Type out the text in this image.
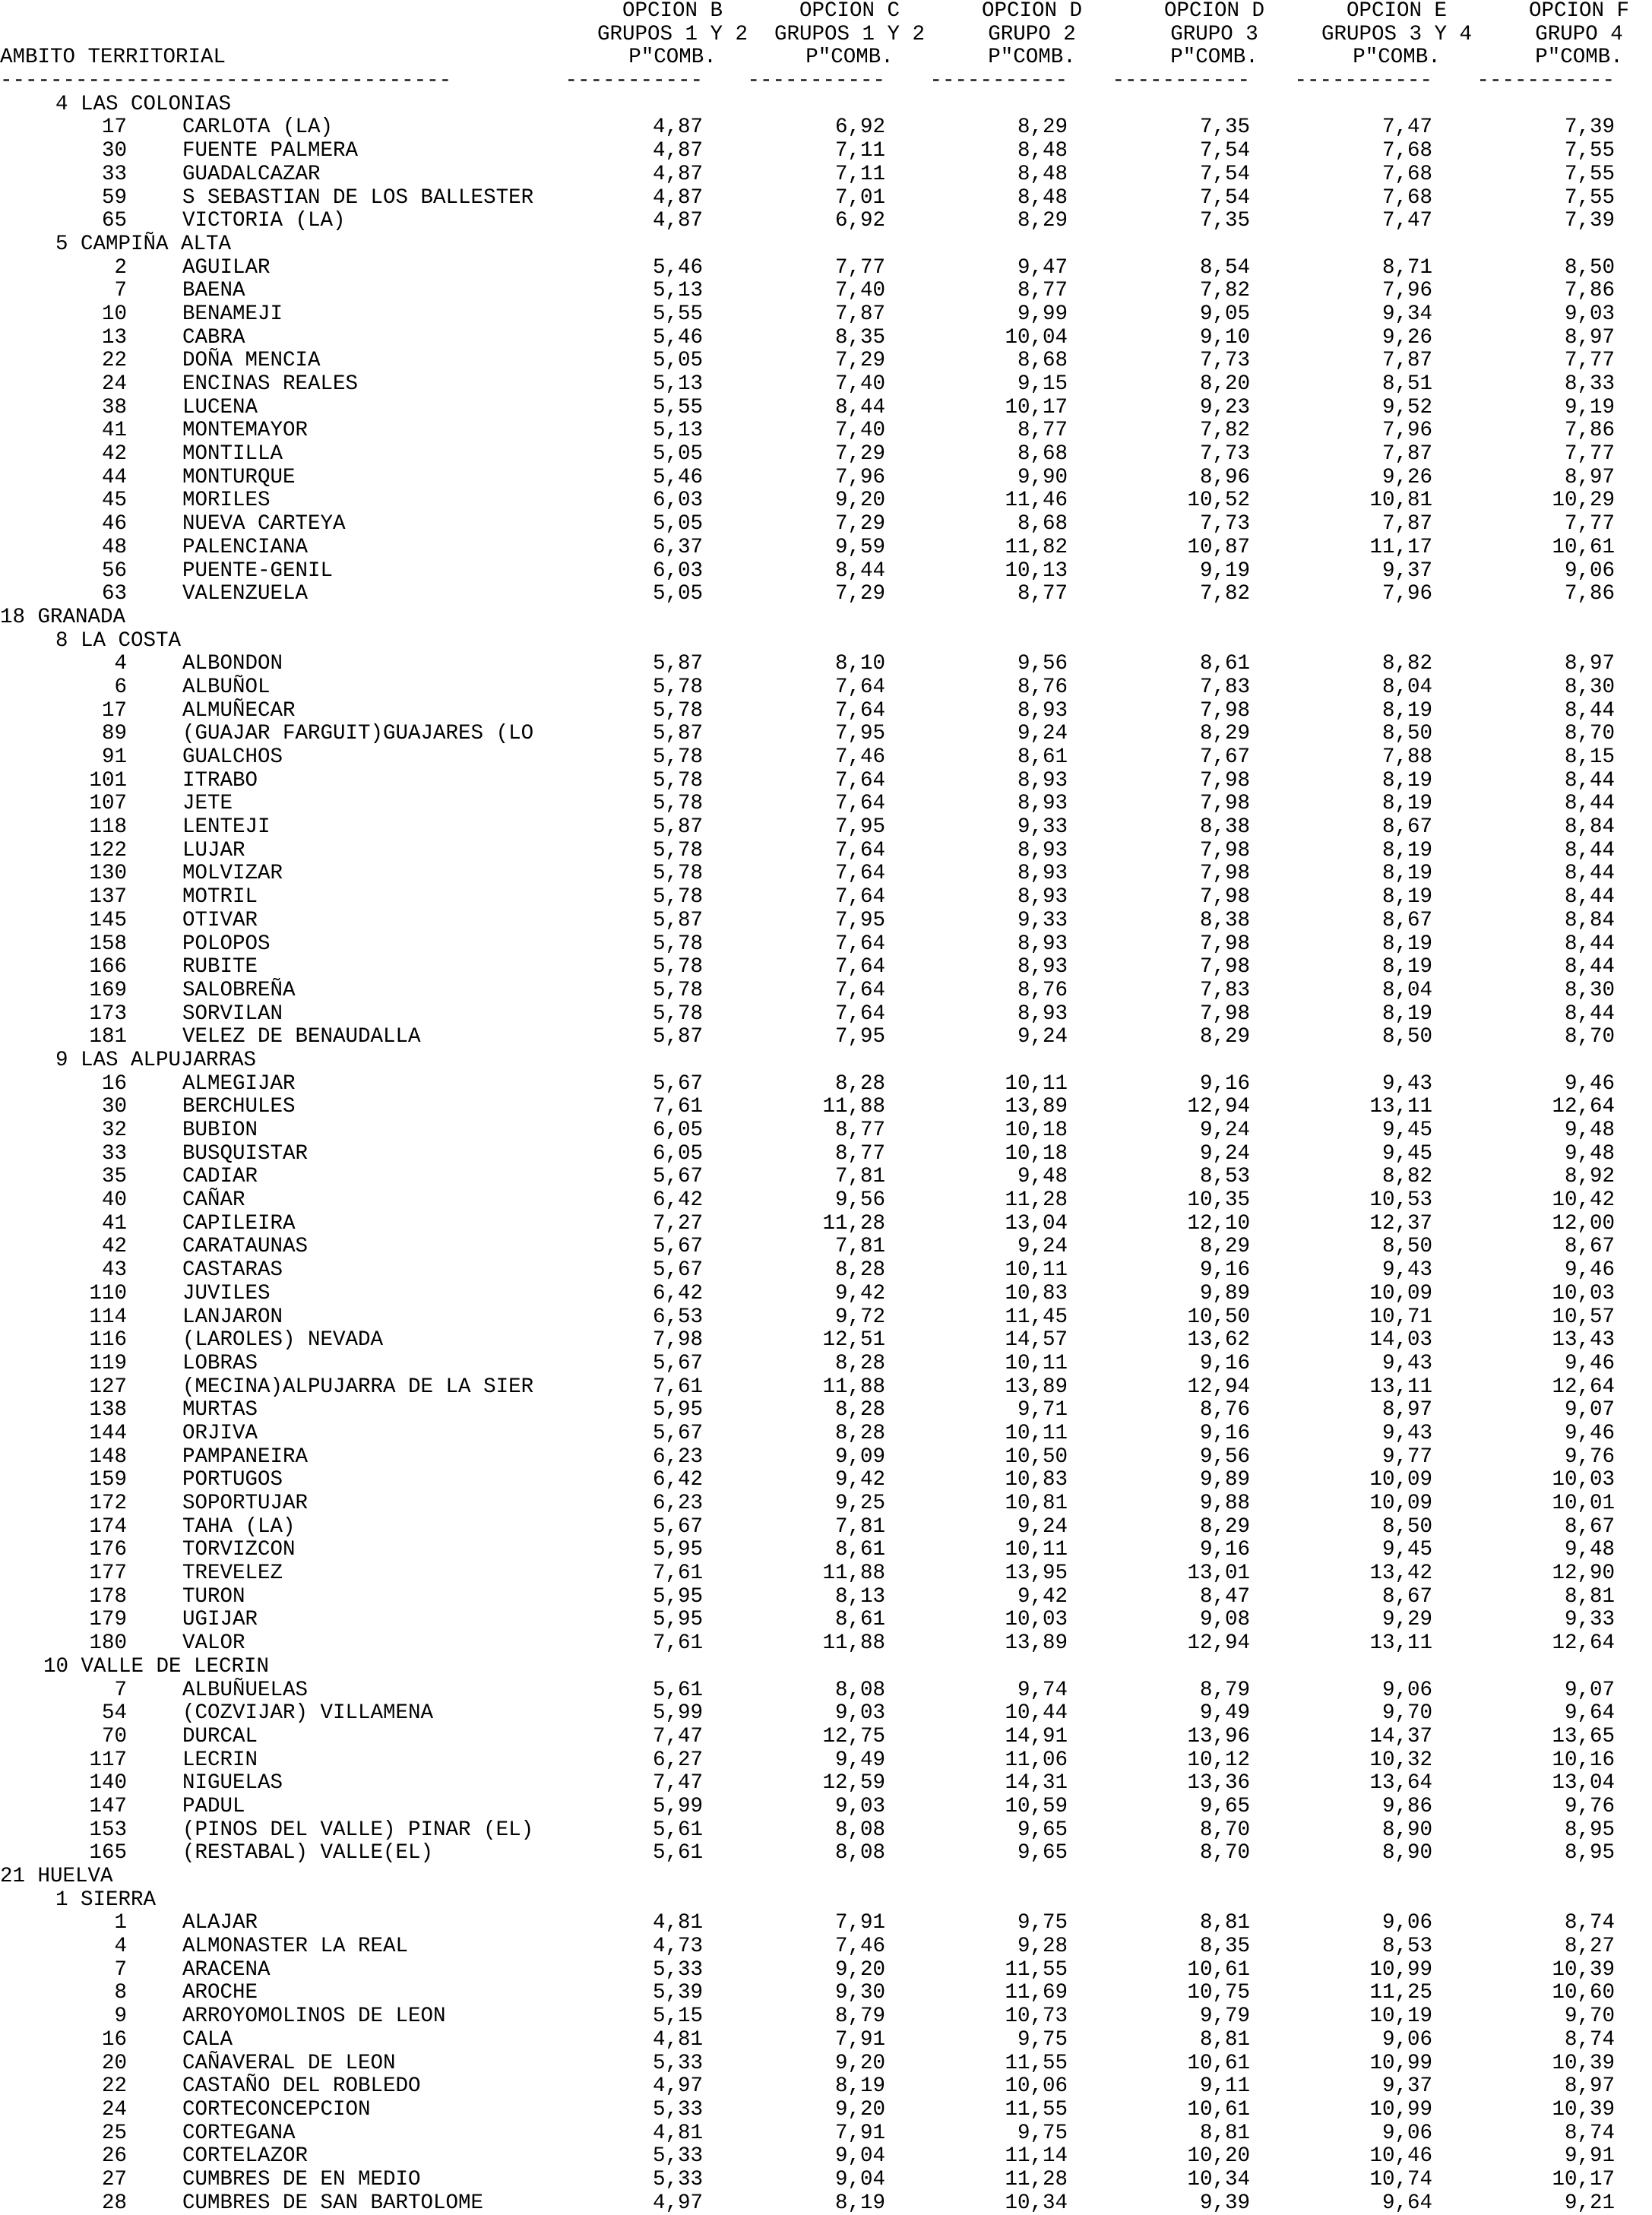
OPCION B	OPCION C	OPCION D	OPCION D	OPCION E	OPCION F
GRUPOS 1 Y 2	GRUPOS 1 Y 2	GRUPO 2	GRUPO 3	GRUPOS 3 Y 4	GRUPO 4
AMBITO TERRITORIAL	P"COMB.	P"COMB.	P"COMB.	P"COMB.	P"COMB.	P"COMB.
------------------------------------	-----------	-----------	-----------	-----------	-----------	-----------
4 LAS COLONIAS
17	CARLOTA (LA)	4,87	6,92	8,29	7,35	7,47	7,39
30	FUENTE PALMERA	4,87	7,11	8,48	7,54	7,68	7,55
33	GUADALCAZAR	4,87	7,11	8,48	7,54	7,68	7,55
59	S SEBASTIAN DE LOS BALLESTER	4,87	7,01	8,48	7,54	7,68	7,55
65	VICTORIA (LA)	4,87	6,92	8,29	7,35	7,47	7,39
5 CAMPIÑA ALTA
2	AGUILAR	5,46	7,77	9,47	8,54	8,71	8,50
7	BAENA	5,13	7,40	8,77	7,82	7,96	7,86
10	BENAMEJI	5,55	7,87	9,99	9,05	9,34	9,03
13	CABRA	5,46	8,35	10,04	9,10	9,26	8,97
22	DOÑA MENCIA	5,05	7,29	8,68	7,73	7,87	7,77
24	ENCINAS REALES	5,13	7,40	9,15	8,20	8,51	8,33
38	LUCENA	5,55	8,44	10,17	9,23	9,52	9,19
41	MONTEMAYOR	5,13	7,40	8,77	7,82	7,96	7,86
42	MONTILLA	5,05	7,29	8,68	7,73	7,87	7,77
44	MONTURQUE	5,46	7,96	9,90	8,96	9,26	8,97
45	MORILES	6,03	9,20	11,46	10,52	10,81	10,29
46	NUEVA CARTEYA	5,05	7,29	8,68	7,73	7,87	7,77
48	PALENCIANA	6,37	9,59	11,82	10,87	11,17	10,61
56	PUENTE-GENIL	6,03	8,44	10,13	9,19	9,37	9,06
63	VALENZUELA	5,05	7,29	8,77	7,82	7,96	7,86
18 GRANADA
8 LA COSTA
4	ALBONDON	5,87	8,10	9,56	8,61	8,82	8,97
6	ALBUÑOL	5,78	7,64	8,76	7,83	8,04	8,30
17	ALMUÑECAR	5,78	7,64	8,93	7,98	8,19	8,44
89	(GUAJAR FARGUIT)GUAJARES (LO	5,87	7,95	9,24	8,29	8,50	8,70
91	GUALCHOS	5,78	7,46	8,61	7,67	7,88	8,15
101	ITRABO	5,78	7,64	8,93	7,98	8,19	8,44
107	JETE	5,78	7,64	8,93	7,98	8,19	8,44
118	LENTEJI	5,87	7,95	9,33	8,38	8,67	8,84
122	LUJAR	5,78	7,64	8,93	7,98	8,19	8,44
130	MOLVIZAR	5,78	7,64	8,93	7,98	8,19	8,44
137	MOTRIL	5,78	7,64	8,93	7,98	8,19	8,44
145	OTIVAR	5,87	7,95	9,33	8,38	8,67	8,84
158	POLOPOS	5,78	7,64	8,93	7,98	8,19	8,44
166	RUBITE	5,78	7,64	8,93	7,98	8,19	8,44
169	SALOBREÑA	5,78	7,64	8,76	7,83	8,04	8,30
173	SORVILAN	5,78	7,64	8,93	7,98	8,19	8,44
181	VELEZ DE BENAUDALLA	5,87	7,95	9,24	8,29	8,50	8,70
9 LAS ALPUJARRAS
16	ALMEGIJAR	5,67	8,28	10,11	9,16	9,43	9,46
30	BERCHULES	7,61	11,88	13,89	12,94	13,11	12,64
32	BUBION	6,05	8,77	10,18	9,24	9,45	9,48
33	BUSQUISTAR	6,05	8,77	10,18	9,24	9,45	9,48
35	CADIAR	5,67	7,81	9,48	8,53	8,82	8,92
40	CAÑAR	6,42	9,56	11,28	10,35	10,53	10,42
41	CAPILEIRA	7,27	11,28	13,04	12,10	12,37	12,00
42	CARATAUNAS	5,67	7,81	9,24	8,29	8,50	8,67
43	CASTARAS	5,67	8,28	10,11	9,16	9,43	9,46
110	JUVILES	6,42	9,42	10,83	9,89	10,09	10,03
114	LANJARON	6,53	9,72	11,45	10,50	10,71	10,57
116	(LAROLES) NEVADA	7,98	12,51	14,57	13,62	14,03	13,43
119	LOBRAS	5,67	8,28	10,11	9,16	9,43	9,46
127	(MECINA)ALPUJARRA DE LA SIER	7,61	11,88	13,89	12,94	13,11	12,64
138	MURTAS	5,95	8,28	9,71	8,76	8,97	9,07
144	ORJIVA	5,67	8,28	10,11	9,16	9,43	9,46
148	PAMPANEIRA	6,23	9,09	10,50	9,56	9,77	9,76
159	PORTUGOS	6,42	9,42	10,83	9,89	10,09	10,03
172	SOPORTUJAR	6,23	9,25	10,81	9,88	10,09	10,01
174	TAHA (LA)	5,67	7,81	9,24	8,29	8,50	8,67
176	TORVIZCON	5,95	8,61	10,11	9,16	9,45	9,48
177	TREVELEZ	7,61	11,88	13,95	13,01	13,42	12,90
178	TURON	5,95	8,13	9,42	8,47	8,67	8,81
179	UGIJAR	5,95	8,61	10,03	9,08	9,29	9,33
180	VALOR	7,61	11,88	13,89	12,94	13,11	12,64
10 VALLE DE LECRIN
7	ALBUÑUELAS	5,61	8,08	9,74	8,79	9,06	9,07
54	(COZVIJAR) VILLAMENA	5,99	9,03	10,44	9,49	9,70	9,64
70	DURCAL	7,47	12,75	14,91	13,96	14,37	13,65
117	LECRIN	6,27	9,49	11,06	10,12	10,32	10,16
140	NIGUELAS	7,47	12,59	14,31	13,36	13,64	13,04
147	PADUL	5,99	9,03	10,59	9,65	9,86	9,76
153	(PINOS DEL VALLE) PINAR (EL)	5,61	8,08	9,65	8,70	8,90	8,95
165	(RESTABAL) VALLE(EL)	5,61	8,08	9,65	8,70	8,90	8,95
21 HUELVA
1 SIERRA
1	ALAJAR	4,81	7,91	9,75	8,81	9,06	8,74
4	ALMONASTER LA REAL	4,73	7,46	9,28	8,35	8,53	8,27
7	ARACENA	5,33	9,20	11,55	10,61	10,99	10,39
8	AROCHE	5,39	9,30	11,69	10,75	11,25	10,60
9	ARROYOMOLINOS DE LEON	5,15	8,79	10,73	9,79	10,19	9,70
16	CALA	4,81	7,91	9,75	8,81	9,06	8,74
20	CAÑAVERAL DE LEON	5,33	9,20	11,55	10,61	10,99	10,39
22	CASTAÑO DEL ROBLEDO	4,97	8,19	10,06	9,11	9,37	8,97
24	CORTECONCEPCION	5,33	9,20	11,55	10,61	10,99	10,39
25	CORTEGANA	4,81	7,91	9,75	8,81	9,06	8,74
26	CORTELAZOR	5,33	9,04	11,14	10,20	10,46	9,91
27	CUMBRES DE EN MEDIO	5,33	9,04	11,28	10,34	10,74	10,17
28	CUMBRES DE SAN BARTOLOME	4,97	8,19	10,34	9,39	9,64	9,21
